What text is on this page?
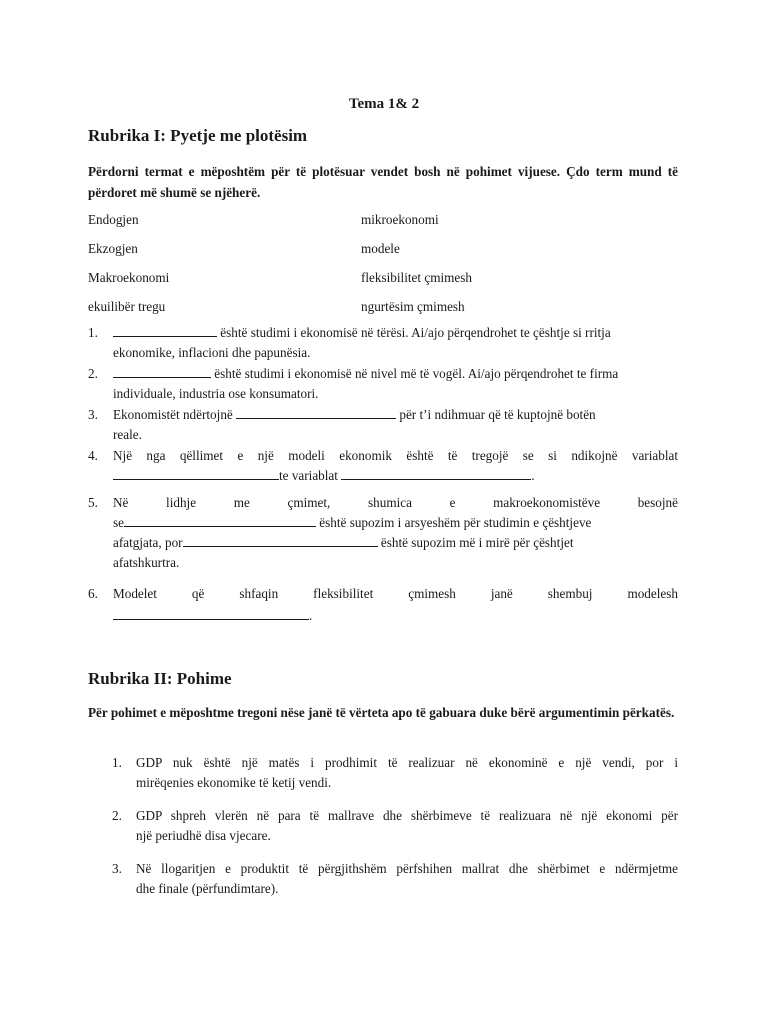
Tema 1& 2
Rubrika I: Pyetje me plotësim
Përdorni termat e mëposhtëm për të plotësuar vendet bosh në pohimet vijuese. Çdo term mund të përdoret më shumë se njëherë.
Endogjen	mikroekonomi
Ekzogjen	modele
Makroekonomi	fleksibilitet çmimesh
ekuilibër tregu	ngurtësim çmimesh
1.	është studimi i ekonomisë në tërësi. Ai/ajo përqendrohet te çështje si rritja
ekonomike, inflacioni dhe papunësia.
2.	është studimi i ekonomisë në nivel më të vogël. Ai/ajo përqendrohet te firma
individuale, industria ose konsumatori.
3. Ekonomistët ndërtojnë	për t’i ndihmuar që të kuptojnë botën
reale.
4. Një nga qëllimet e një modeli ekonomik është të tregojë se si ndikojnë variablat
te variablat	.
5. Në lidhje me çmimet, shumica e makroekonomistëve besojnë
se	është supozim i arsyeshëm për studimin e çështjeve
afatgjata, por	është supozim më i mirë për çështjet
afatshkurtra.
6. Modelet që shfaqin fleksibilitet çmimesh janë shembuj modelesh
.
Rubrika II: Pohime
Për pohimet e mëposhtme tregoni nëse janë të vërteta apo të gabuara duke bërë argumentimin përkatës.
1. GDP nuk është një matës i prodhimit të realizuar në ekonominë e një vendi, por i
mirëqenies ekonomike të ketij vendi.
2. GDP shpreh vlerën në para të mallrave dhe shërbimeve të realizuara në një ekonomi për
një periudhë disa vjecare.
3. Në llogaritjen e produktit të përgjithshëm përfshihen mallrat dhe shërbimet e ndërmjetme
dhe finale (përfundimtare).
